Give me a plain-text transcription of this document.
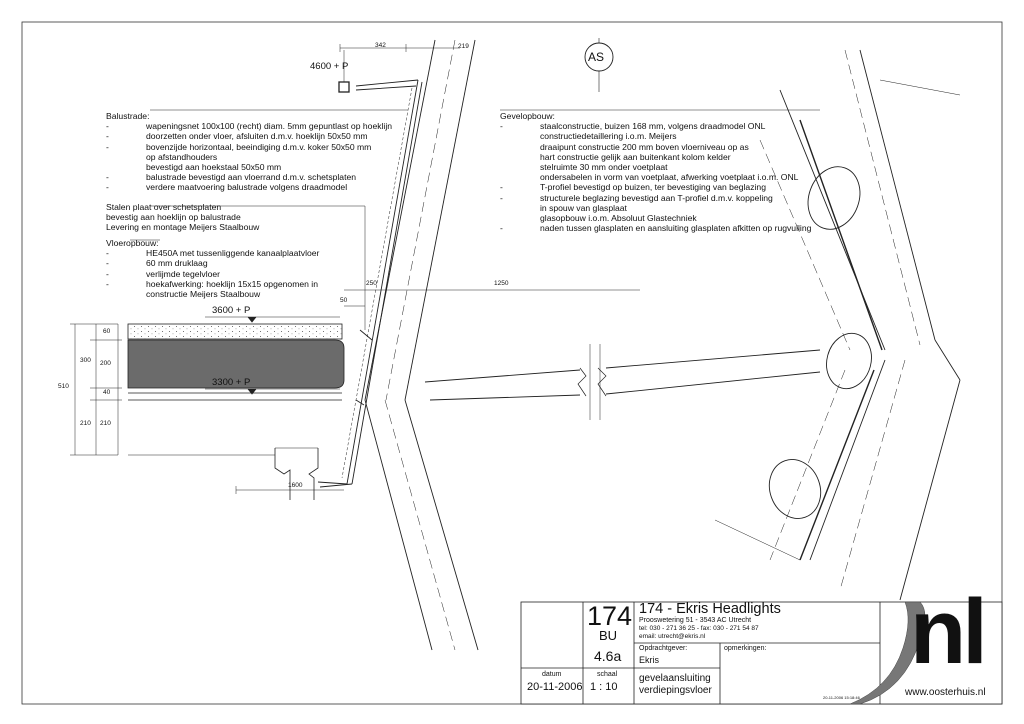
342	219
250	1250
50
60
300 200
40
510
210 210
1600
4600 + P
3600 + P
3300 + P
AS
Balustrade:
-	wapeningsnet 100x100 (recht) diam. 5mm gepuntlast op hoeklijn
-	doorzetten onder vloer, afsluiten d.m.v. hoeklijn 50x50 mm
-	bovenzijde horizontaal, beeindiging d.m.v. koker 50x50 mm
op afstandhouders
bevestigd aan hoekstaal 50x50 mm
-	balustrade bevestigd aan vloerrand d.m.v. schetsplaten
-	verdere maatvoering balustrade volgens draadmodel
Stalen plaat over schetsplaten
bevestig aan hoeklijn op balustrade
Levering en montage Meijers Staalbouw
Vloeropbouw:
-	HE450A met tussenliggende kanaalplaatvloer
-	60 mm druklaag
-	verlijmde tegelvloer
-	hoekafwerking: hoeklijn 15x15 opgenomen in
constructie Meijers Staalbouw
Gevelopbouw:
-	staalconstructie, buizen 168 mm, volgens draadmodel ONL
constructiedetaillering i.o.m. Meijers
draaipunt constructie 200 mm boven vloerniveau op as
hart constructie gelijk aan buitenkant kolom kelder
stelruimte 30 mm onder voetplaat
ondersabelen in vorm van voetplaat, afwerking voetplaat i.o.m. ONL
-	T-profiel bevestigd op buizen, ter bevestiging van beglazing
-	structurele beglazing bevestigd aan T-profiel d.m.v. koppeling
in spouw van glasplaat
glasopbouw i.o.m. Absoluut Glastechniek
-	naden tussen glasplaten en aansluiting glasplaten afkitten op rugvulling
174
BU
4.6a
174 - Ekris Headlights
Prooswetering 51 - 3543 AC Utrecht
tel: 030 - 271 36 25 - fax: 030 - 271 54 87
email: utrecht@ekris.nl
Opdrachtgever:
Ekris
opmerkingen:
datum
20-11-2006
schaal
1 : 10
gevelaansluiting
verdiepingsvloer
nl
www.oosterhuis.nl
20-11-2006 15:18:46
